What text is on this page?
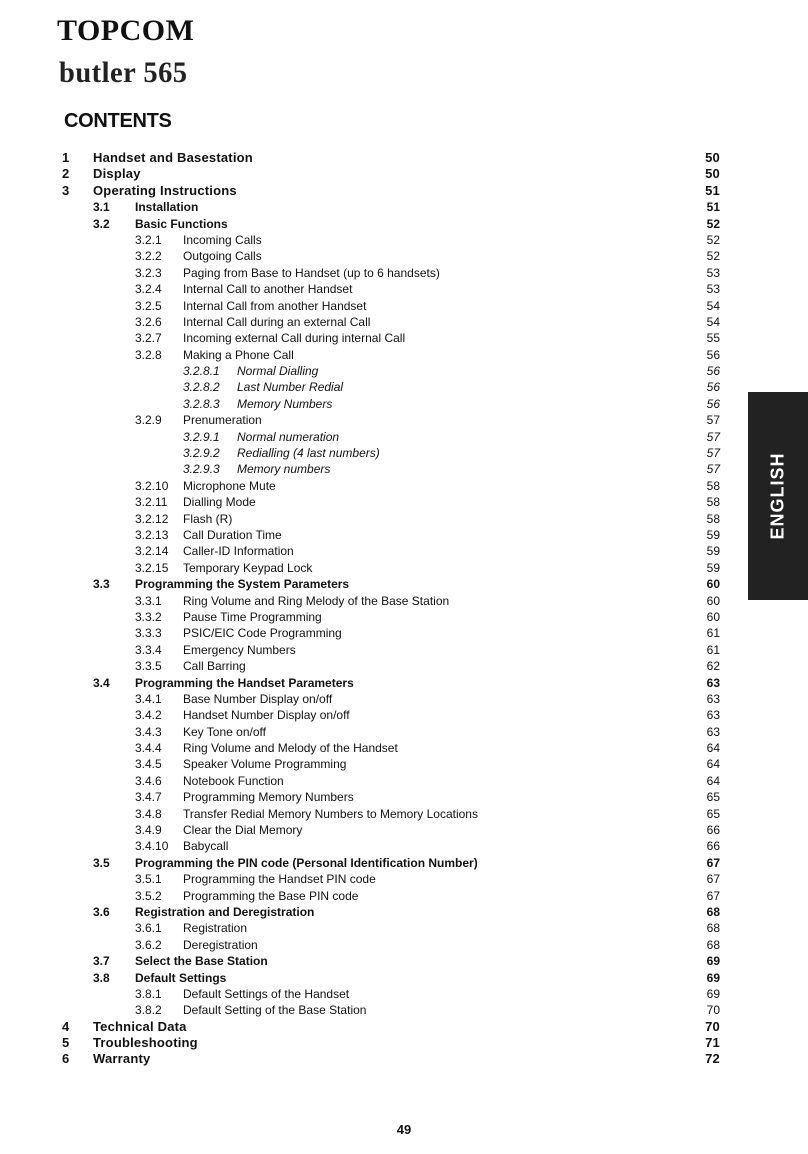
TOPCOM
butler 565
CONTENTS
1 Handset and Basestation	50
2 Display	50
3 Operating Instructions	51
3.1 Installation	51
3.2 Basic Functions	52
3.2.1 Incoming Calls	52
3.2.2 Outgoing Calls	52
3.2.3 Paging from Base to Handset (up to 6 handsets)	53
3.2.4 Internal Call to another Handset	53
3.2.5 Internal Call from another Handset	54
3.2.6 Internal Call during an external Call	54
3.2.7 Incoming external Call during internal Call	55
3.2.8 Making a Phone Call	56
3.2.8.1 Normal Dialling	56
3.2.8.2 Last Number Redial	56
3.2.8.3 Memory Numbers	56
3.2.9 Prenumeration	57
3.2.9.1 Normal numeration	57
3.2.9.2 Redialling (4 last numbers)	57
3.2.9.3 Memory numbers	57
3.2.10 Microphone Mute	58
3.2.11 Dialling Mode	58
3.2.12 Flash (R)	58
3.2.13 Call Duration Time	59
3.2.14 Caller-ID Information	59
3.2.15 Temporary Keypad Lock	59
3.3 Programming the System Parameters	60
3.3.1 Ring Volume and Ring Melody of the Base Station	60
3.3.2 Pause Time Programming	60
3.3.3 PSIC/EIC Code Programming	61
3.3.4 Emergency Numbers	61
3.3.5 Call Barring	62
3.4 Programming the Handset Parameters	63
3.4.1 Base Number Display on/off	63
3.4.2 Handset Number Display on/off	63
3.4.3 Key Tone on/off	63
3.4.4 Ring Volume and Melody of the Handset	64
3.4.5 Speaker Volume Programming	64
3.4.6 Notebook Function	64
3.4.7 Programming Memory Numbers	65
3.4.8 Transfer Redial Memory Numbers to Memory Locations	65
3.4.9 Clear the Dial Memory	66
3.4.10 Babycall	66
3.5 Programming the PIN code (Personal Identification Number)	67
3.5.1 Programming the Handset PIN code	67
3.5.2 Programming the Base PIN code	67
3.6 Registration and Deregistration	68
3.6.1 Registration	68
3.6.2 Deregistration	68
3.7 Select the Base Station	69
3.8 Default Settings	69
3.8.1 Default Settings of the Handset	69
3.8.2 Default Setting of the Base Station	70
4 Technical Data	70
5 Troubleshooting	71
6 Warranty	72
ENGLISH
49
